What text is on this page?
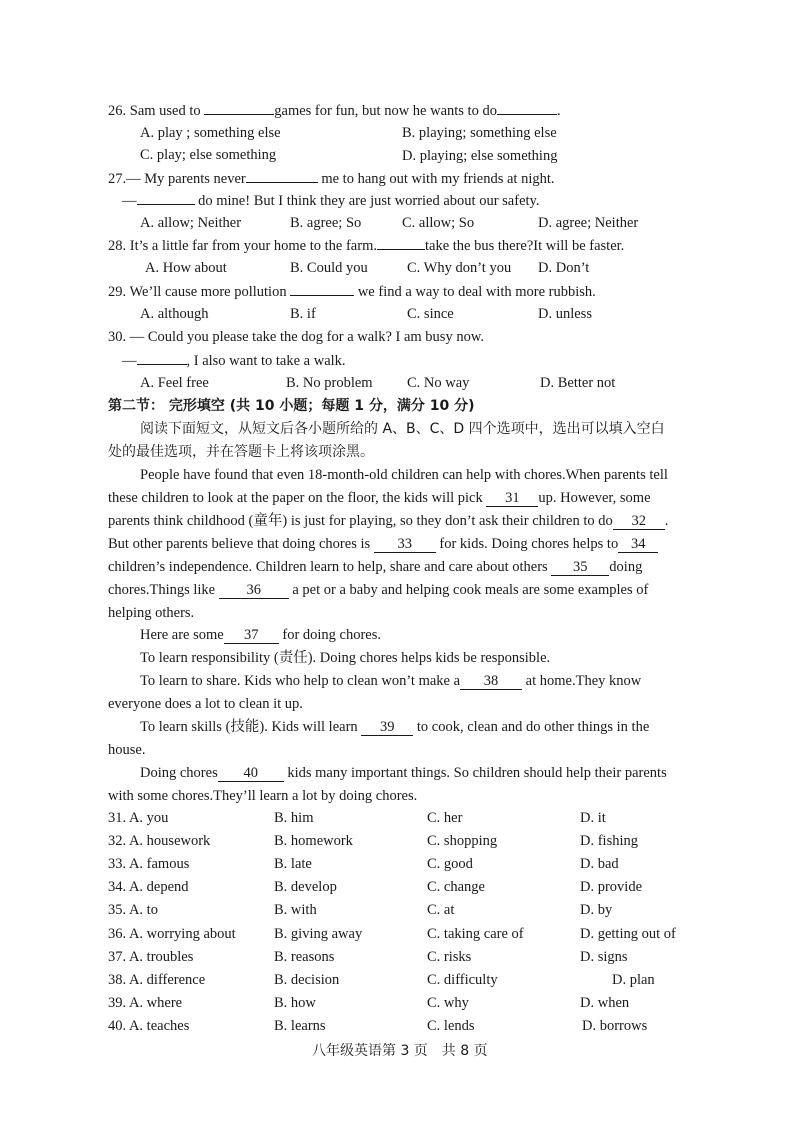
26. Sam used to	games for fun, but now he wants to do	.
A. play ; something else	B. playing; something else
C. play; else something	D. playing; else something
27.— My parents never	me to hang out with my friends at night.
—	do mine! But I think they are just worried about our safety.
A. allow; Neither	B. agree; So	C. allow; So	D. agree; Neither
28. It’s a little far from your home to the farm.	take the bus there?It will be faster.
A. How about	B. Could you	C. Why don’t you D. Don’t
29. We’ll cause more pollution	we find a way to deal with more rubbish.
A. although	B. if	C. since	D. unless
30. — Could you please take the dog for a walk? I am busy now.
—	, I also want to take a walk.
A. Feel free	B. No problem C. No way	D. Better not
第二节： 完形填空 (共 10 小题；每题 1 分，满分 10 分)
阅读下面短文，从短文后各小题所给的 A、B、C、D 四个选项中，选出可以填入空白
处的最佳选项，并在答题卡上将该项涂黑。
People have found that even 18-month-old children can help with chores.When parents tell
these children to look at the paper on the floor, the kids will pick 31 up. However, some
parents think childhood (童年) is just for playing, so they don’t ask their children to do 32 .
But other parents believe that doing chores is 33 for kids. Doing chores helps to 34
children’s independence. Children learn to help, share and care about others 35 doing
chores.Things like 36 a pet or a baby and helping cook meals are some examples of
helping others.
Here are some 37 for doing chores.
To learn responsibility (责任). Doing chores helps kids be responsible.
To learn to share. Kids who help to clean won’t make a 38 at home.They know
everyone does a lot to clean it up.
To learn skills (技能). Kids will learn 39 to cook, clean and do other things in the
house.
Doing chores 40 kids many important things. So children should help their parents
with some chores.They’ll learn a lot by doing chores.
31. A. you	B. him	C. her	D. it
32. A. housework	B. homework	C. shopping	D. fishing
33. A. famous	B. late	C. good	D. bad
34. A. depend	B. develop	C. change	D. provide
35. A. to	B. with	C. at	D. by
36. A. worrying about	B. giving away	C. taking care of	D. getting out of
37. A. troubles	B. reasons	C. risks	D. signs
38. A. difference	B. decision	C. difficulty	D. plan
39. A. where	B. how	C. why	D. when
40. A. teaches	B. learns	C. lends	D. borrows
八年级英语第 3 页　共 8 页
